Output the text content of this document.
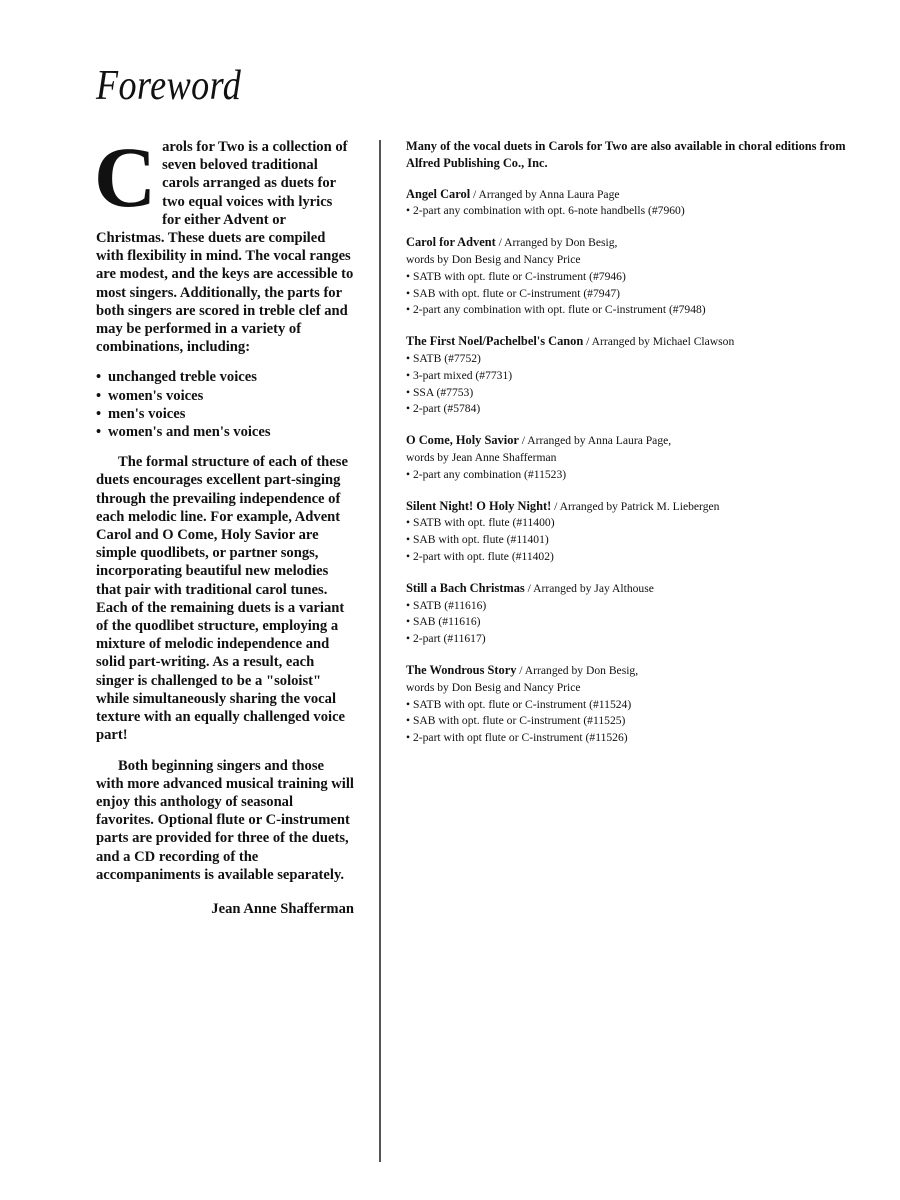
Foreword

Carols for Two is a collection of seven beloved traditional carols arranged as duets for two equal voices with lyrics for either Advent or Christmas. These duets are compiled with flexibility in mind. The vocal ranges are modest, and the keys are accessible to most singers. Additionally, the parts for both singers are scored in treble clef and may be performed in a variety of combinations, including:

• unchanged treble voices
• women's voices
• men's voices
• women's and men's voices

The formal structure of each of these duets encourages excellent part-singing through the prevailing independence of each melodic line. For example, Advent Carol and O Come, Holy Savior are simple quodlibets, or partner songs, incorporating beautiful new melodies that pair with traditional carol tunes. Each of the remaining duets is a variant of the quodlibet structure, employing a mixture of melodic independence and solid part-writing. As a result, each singer is challenged to be a "soloist" while simultaneously sharing the vocal texture with an equally challenged voice part!

Both beginning singers and those with more advanced musical training will enjoy this anthology of seasonal favorites. Optional flute or C-instrument parts are provided for three of the duets, and a CD recording of the accompaniments is available separately.

Jean Anne Shafferman

Many of the vocal duets in Carols for Two are also available in choral editions from Alfred Publishing Co., Inc.

Angel Carol / Arranged by Anna Laura Page

• 2-part any combination with opt. 6-note handbells (#7960)

Carol for Advent / Arranged by Don Besig,

words by Don Besig and Nancy Price

• SATB with opt. flute or C-instrument (#7946)
• SAB with opt. flute or C-instrument (#7947)
• 2-part any combination with opt. flute or C-instrument (#7948)

The First Noel/Pachelbel's Canon / Arranged by Michael Clawson

• SATB (#7752)
• 3-part mixed (#7731)
• SSA (#7753)
• 2-part (#5784)

O Come, Holy Savior / Arranged by Anna Laura Page,

words by Jean Anne Shafferman

• 2-part any combination (#11523)

Silent Night! O Holy Night! / Arranged by Patrick M. Liebergen

• SATB with opt. flute (#11400)
• SAB with opt. flute (#11401)
• 2-part with opt. flute (#11402)

Still a Bach Christmas / Arranged by Jay Althouse

• SATB (#11616)
• SAB (#11616)
• 2-part (#11617)

The Wondrous Story / Arranged by Don Besig,

words by Don Besig and Nancy Price

• SATB with opt. flute or C-instrument (#11524)
• SAB with opt. flute or C-instrument (#11525)
• 2-part with opt flute or C-instrument (#11526)
